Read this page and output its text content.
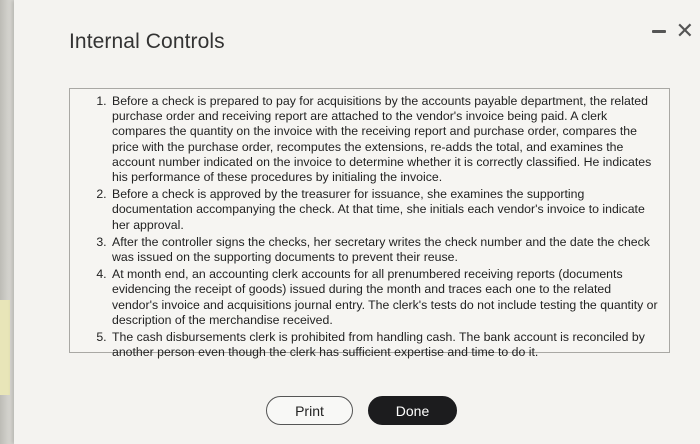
Internal Controls	✕
1. Before a check is prepared to pay for acquisitions by the accounts payable department, the related purchase order and receiving report are attached to the vendor's invoice being paid. A clerk compares the quantity on the invoice with the receiving report and purchase order, compares the price with the purchase order, recomputes the extensions, re-adds the total, and examines the account number indicated on the invoice to determine whether it is correctly classified. He indicates his performance of these procedures by initialing the invoice.
2. Before a check is approved by the treasurer for issuance, she examines the supporting documentation accompanying the check. At that time, she initials each vendor's invoice to indicate her approval.
3. After the controller signs the checks, her secretary writes the check number and the date the check was issued on the supporting documents to prevent their reuse.
4. At month end, an accounting clerk accounts for all prenumbered receiving reports (documents evidencing the receipt of goods) issued during the month and traces each one to the related vendor's invoice and acquisitions journal entry. The clerk's tests do not include testing the quantity or description of the merchandise received.
5. The cash disbursements clerk is prohibited from handling cash. The bank account is reconciled by another person even though the clerk has sufficient expertise and time to do it.
Print	Done
